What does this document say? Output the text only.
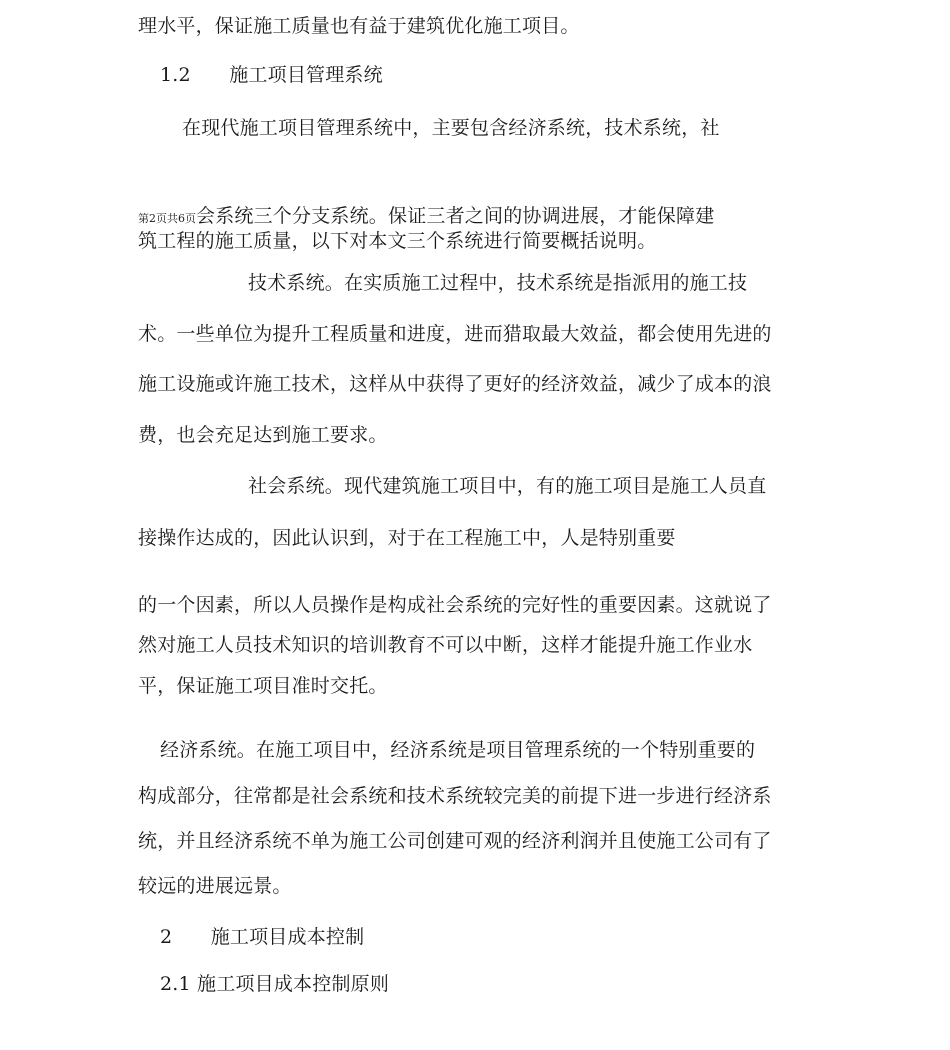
理水平，保证施工质量也有益于建筑优化施工项目。
1.2　　施工项目管理系统
在现代施工项目管理系统中，主要包含经济系统，技术系统，社
第2页共6页会系统三个分支系统。保证三者之间的协调进展，才能保障建
筑工程的施工质量，以下对本文三个系统进行简要概括说明。
技术系统。在实质施工过程中，技术系统是指派用的施工技
术。一些单位为提升工程质量和进度，进而猎取最大效益，都会使用先进的
施工设施或许施工技术，这样从中获得了更好的经济效益，减少了成本的浪
费，也会充足达到施工要求。
社会系统。现代建筑施工项目中，有的施工项目是施工人员直
接操作达成的，因此认识到，对于在工程施工中，人是特别重要
的一个因素，所以人员操作是构成社会系统的完好性的重要因素。这就说了
然对施工人员技术知识的培训教育不可以中断，这样才能提升施工作业水
平，保证施工项目准时交托。
经济系统。在施工项目中，经济系统是项目管理系统的一个特别重要的
构成部分，往常都是社会系统和技术系统较完美的前提下进一步进行经济系
统，并且经济系统不单为施工公司创建可观的经济利润并且使施工公司有了
较远的进展远景。
2　　施工项目成本控制
2.1 施工项目成本控制原则
